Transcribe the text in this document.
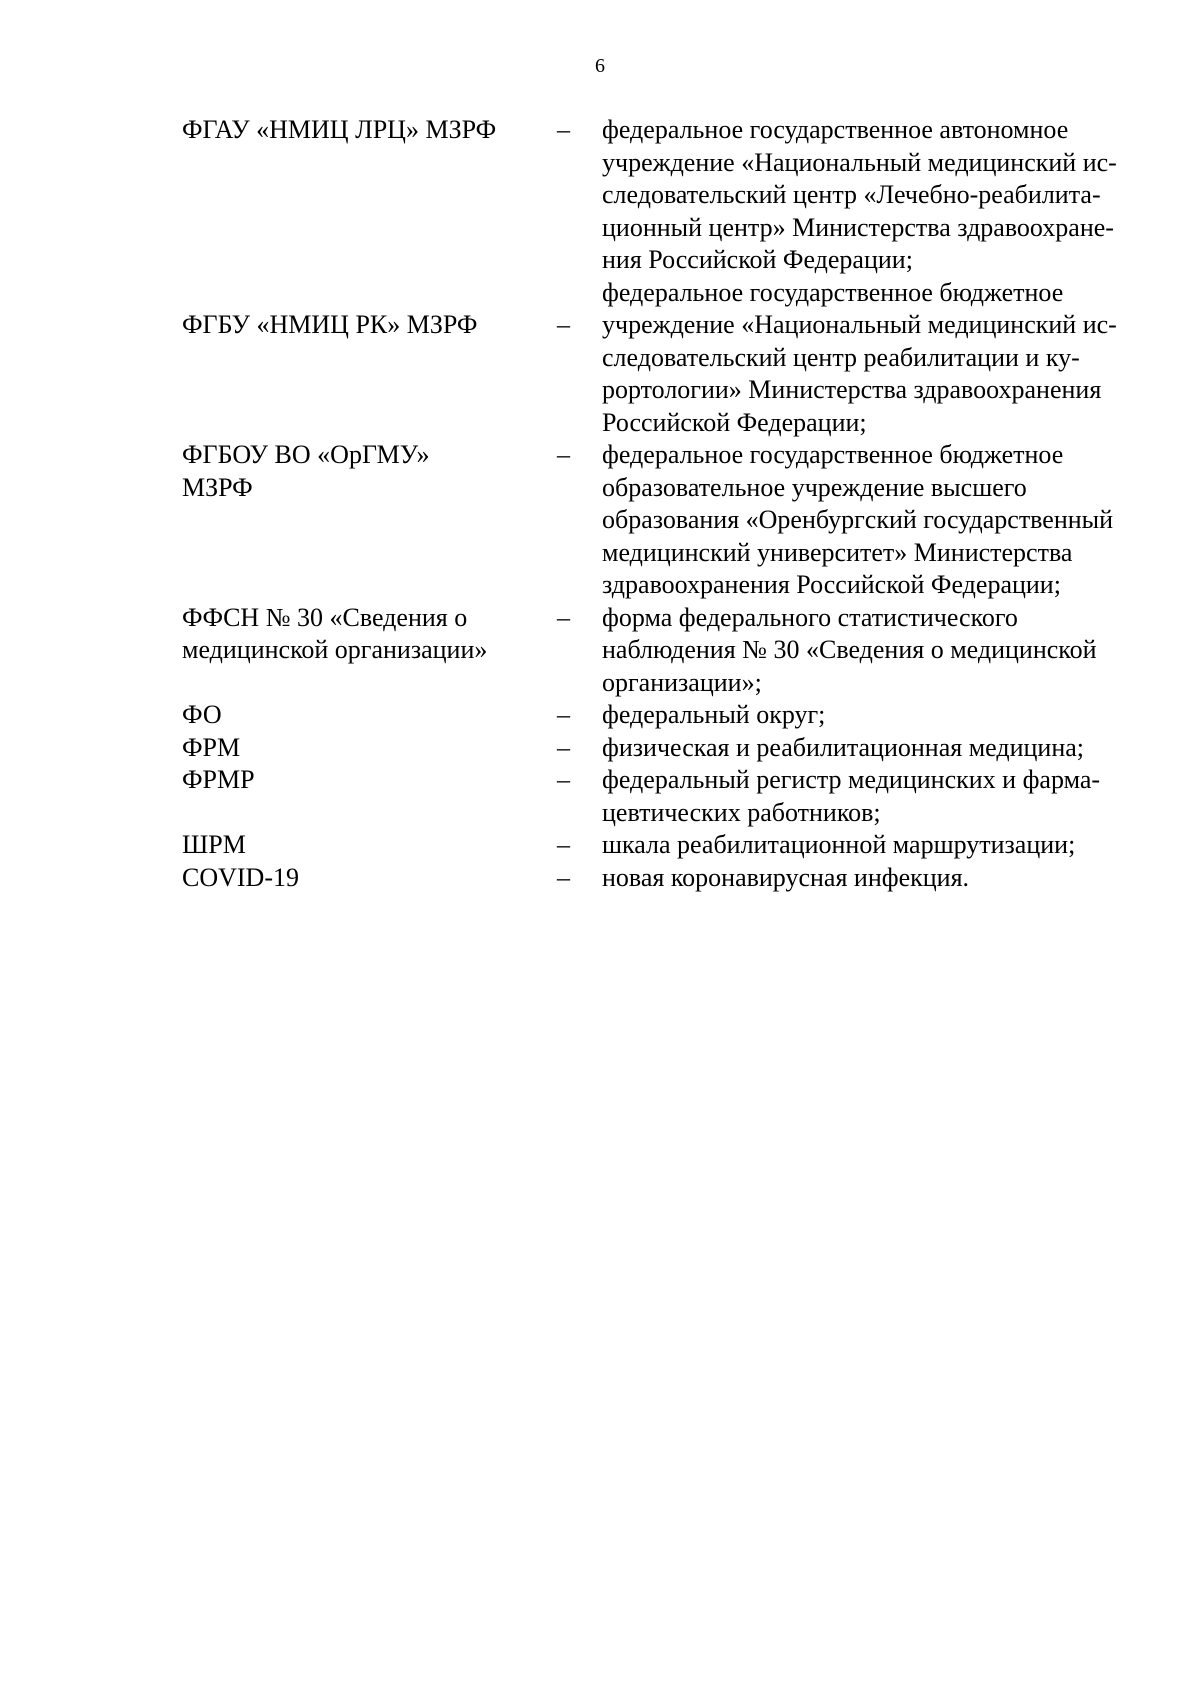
6
ФГАУ «НМИЦ ЛРЦ» МЗРФ	–	федеральное государственное автономное
учреждение «Национальный медицинский ис-
следовательский центр «Лечебно-реабилита-
ционный центр» Министерства здравоохране-
ния Российской Федерации;
ФГБУ «НМИЦ РК» МЗРФ	–
федеральное государственное бюджетное
учреждение «Национальный медицинский ис-
следовательский центр реабилитации и ку-
рортологии» Министерства здравоохранения
Российской Федерации;
ФГБОУ ВО «ОрГМУ»
МЗРФ
–	федеральное государственное бюджетное
образовательное учреждение высшего
образования «Оренбургский государственный
медицинский университет» Министерства
здравоохранения Российской Федерации;
ФФСН № 30 «Сведения о
медицинской организации»
–	форма федерального статистического
наблюдения № 30 «Сведения о медицинской
организации»;
ФО	–	федеральный округ;
ФРМ	–	физическая и реабилитационная медицина;
ФРМР	–	федеральный регистр медицинских и фарма-
цевтических работников;
ШРМ	–	шкала реабилитационной маршрутизации;
COVID-19	–	новая коронавирусная инфекция.
